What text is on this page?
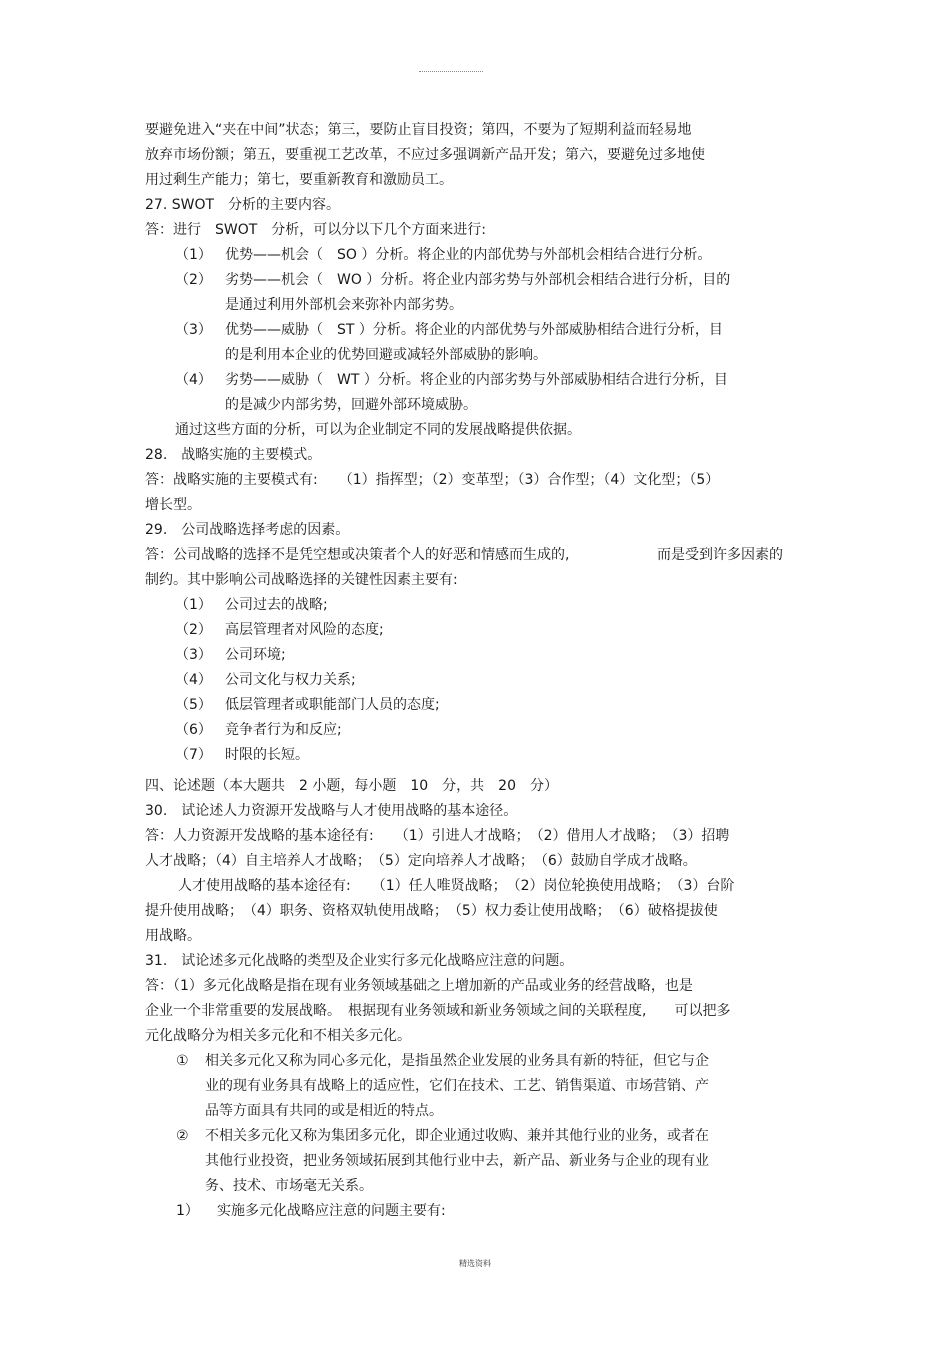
要避免进入“夹在中间”状态；第三，要防止盲目投资；第四，不要为了短期利益而轻易地
放弃市场份额；第五，要重视工艺改革，不应过多强调新产品开发；第六，要避免过多地使
用过剩生产能力；第七，要重新教育和激励员工。
27. SWOT　分析的主要内容。
答：进行　SWOT　分析，可以分以下几个方面来进行:
（1） 优势——机会（　SO ）分析。将企业的内部优势与外部机会相结合进行分析。
（2） 劣势——机会（　WO ）分析。将企业内部劣势与外部机会相结合进行分析，目的
是通过利用外部机会来弥补内部劣势。
（3） 优势——威胁（　ST ）分析。将企业的内部优势与外部威胁相结合进行分析，目
的是利用本企业的优势回避或减轻外部威胁的影响。
（4） 劣势——威胁（　WT ）分析。将企业的内部劣势与外部威胁相结合进行分析，目
的是减少内部劣势，回避外部环境威胁。
通过这些方面的分析，可以为企业制定不同的发展战略提供依据。
28.　战略实施的主要模式。
答：战略实施的主要模式有:　　（1）指挥型；（2）变革型；（3）合作型；（4）文化型；（5）
增长型。
29.　公司战略选择考虑的因素。
答：公司战略的选择不是凭空想或决策者个人的好恶和情感而生成的,	而是受到许多因素的
制约。其中影响公司战略选择的关键性因素主要有:
（1） 公司过去的战略;
（2） 高层管理者对风险的态度;
（3） 公司环境;
（4） 公司文化与权力关系;
（5） 低层管理者或职能部门人员的态度;
（6） 竞争者行为和反应;
（7） 时限的长短。
四、论述题（本大题共　2 小题，每小题　10　分，共　20　分）
30.　试论述人力资源开发战略与人才使用战略的基本途径。
答：人力资源开发战略的基本途径有:　　（1）引进人才战略；　（2）借用人才战略；　（3）招聘
人才战略；（4）自主培养人才战略；　（5）定向培养人才战略；　（6）鼓励自学成才战略。
人才使用战略的基本途径有:　　（1）任人唯贤战略；　（2）岗位轮换使用战略；　（3）台阶
提升使用战略；　（4）职务、资格双轨使用战略；　（5）权力委让使用战略；　（6）破格提拔使
用战略。
31.　试论述多元化战略的类型及企业实行多元化战略应注意的问题。
答：（1）多元化战略是指在现有业务领域基础之上增加新的产品或业务的经营战略，也是
企业一个非常重要的发展战略。　根据现有业务领域和新业务领域之间的关联程度,　　可以把多
元化战略分为相关多元化和不相关多元化。
① 相关多元化又称为同心多元化，是指虽然企业发展的业务具有新的特征，但它与企
业的现有业务具有战略上的适应性，它们在技术、工艺、销售渠道、市场营销、产
品等方面具有共同的或是相近的特点。
② 不相关多元化又称为集团多元化，即企业通过收购、兼并其他行业的业务，或者在
其他行业投资，把业务领域拓展到其他行业中去，新产品、新业务与企业的现有业
务、技术、市场毫无关系。
1） 实施多元化战略应注意的问题主要有:
精选资料
